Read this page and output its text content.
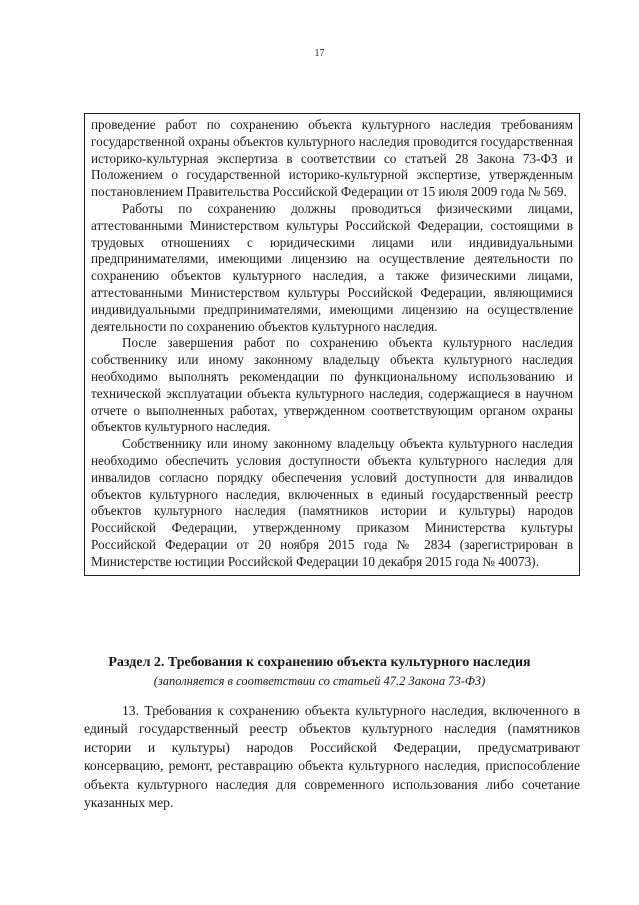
17

проведение работ по сохранению объекта культурного наследия требованиям государственной охраны объектов культурного наследия проводится государственная историко-культурная экспертиза в соответствии со статьей 28 Закона 73-ФЗ и Положением о государственной историко-культурной экспертизе, утвержденным постановлением Правительства Российской Федерации от 15 июля 2009 года № 569.

Работы по сохранению должны проводиться физическими лицами, аттестованными Министерством культуры Российской Федерации, состоящими в трудовых отношениях с юридическими лицами или индивидуальными предпринимателями, имеющими лицензию на осуществление деятельности по сохранению объектов культурного наследия, а также физическими лицами, аттестованными Министерством культуры Российской Федерации, являющимися индивидуальными предпринимателями, имеющими лицензию на осуществление деятельности по сохранению объектов культурного наследия.

После завершения работ по сохранению объекта культурного наследия собственнику или иному законному владельцу объекта культурного наследия необходимо выполнять рекомендации по функциональному использованию и технической эксплуатации объекта культурного наследия, содержащиеся в научном отчете о выполненных работах, утвержденном соответствующим органом охраны объектов культурного наследия.

Собственнику или иному законному владельцу объекта культурного наследия необходимо обеспечить условия доступности объекта культурного наследия для инвалидов согласно порядку обеспечения условий доступности для инвалидов объектов культурного наследия, включенных в единый государственный реестр объектов культурного наследия (памятников истории и культуры) народов Российской Федерации, утвержденному приказом Министерства культуры Российской Федерации от 20 ноября 2015 года № 2834 (зарегистрирован в Министерстве юстиции Российской Федерации 10 декабря 2015 года № 40073).

Раздел 2. Требования к сохранению объекта культурного наследия
(заполняется в соответствии со статьей 47.2 Закона 73-ФЗ)

13. Требования к сохранению объекта культурного наследия, включенного в единый государственный реестр объектов культурного наследия (памятников истории и культуры) народов Российской Федерации, предусматривают консервацию, ремонт, реставрацию объекта культурного наследия, приспособление объекта культурного наследия для современного использования либо сочетание указанных мер.
